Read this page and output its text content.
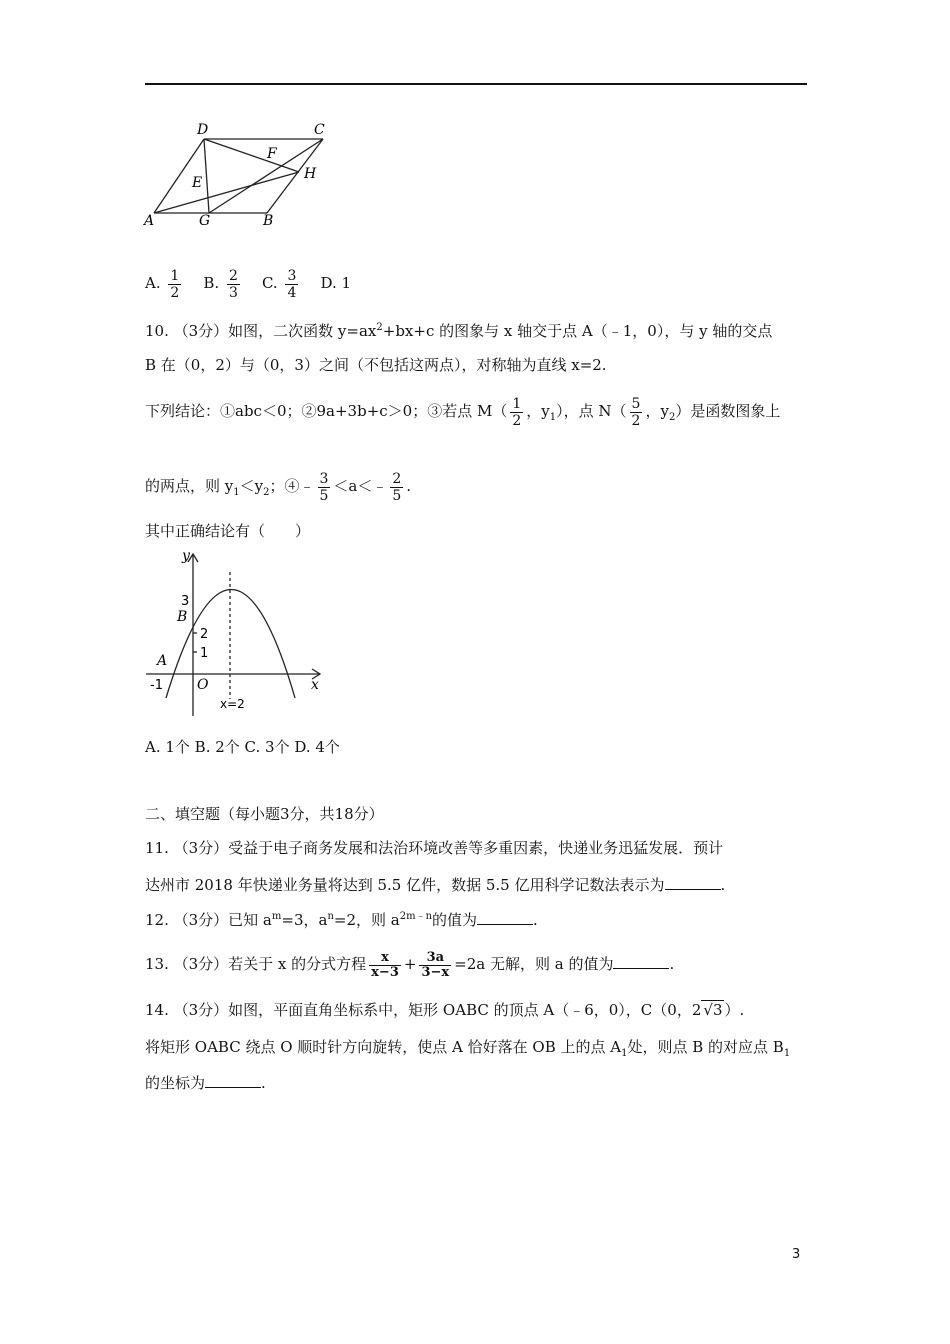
D	C
F
H
E
A	G	B
A. $\frac{1}{2} B$. $\frac{2}{3} C$. $\frac{3}{4} D$. 1
10. （3分）如图，二次函数 $y=ax^2+bx+c$ 的图象与 x 轴交于点 A（﹣1，0），与 y 轴的交点
B 在（0，2）与（0，3）之间（不包括这两点），对称轴为直线 x=2.
下列结论：①abc＜0；②9a+3b+c＞0；③若点 $M( \frac{1}{2}$ ，$y_1$），点 $N( \frac{5}{2}$ ，$y_2$）是函数图象上
的两点，则 $y_1<y_2$；④﹣ $\frac{3}{5}$ ＜a＜﹣ $\frac{2}{5}$ .
其中正确结论有（　　）
y
x
3
B
2
1
A
-1 O
x=2
A. 1个 B. 2个 C. 3个 D. 4个
二、填空题（每小题3分，共18分）
11. （3分）受益于电子商务发展和法治环境改善等多重因素，快递业务迅猛发展．预计
达州市 2018 年快递业务量将达到 5.5 亿件，数据 5.5 亿用科学记数法表示为	.
12. （3分）已知 $a^m=3$，$a^n=2$，则 $a^{2m﹣n}$的值为	.
13. （3分）若关于 x 的分式方程 $\frac{x}{x-3} + \frac{3a}{3-x} =2a$ 无解，则 a 的值为	.
14. （3分）如图，平面直角坐标系中，矩形 OABC 的顶点 A（﹣6，0），C（0，2 √3 ）.
将矩形 OABC 绕点 O 顺时针方向旋转，使点 A 恰好落在 OB 上的点 $A_1$处，则点 B 的对应点 $B_1$
的坐标为	.
3
